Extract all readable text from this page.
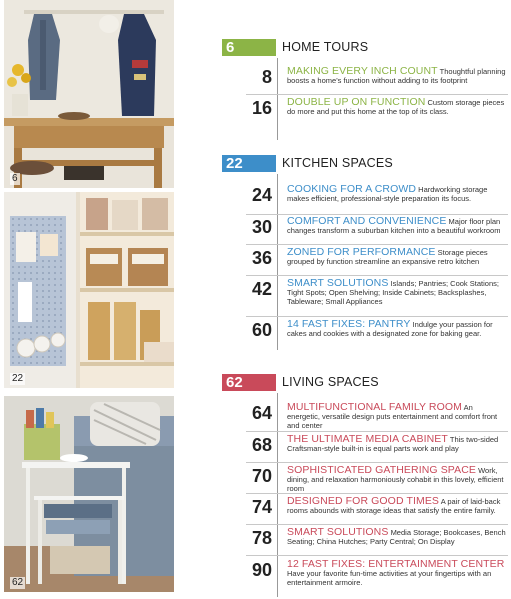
6
22
62
6	HOME TOURS
8 MAKING EVERY INCH COUNT Thoughtful planning boosts a home's function without adding to its footprint
16 DOUBLE UP ON FUNCTION Custom storage pieces do more and put this home at the top of its class.
22	KITCHEN SPACES
24 COOKING FOR A CROWD Hardworking storage makes efficient, professional-style preparation its focus.
30 COMFORT AND CONVENIENCE Major floor plan changes transform a suburban kitchen into a beautiful workroom
36 ZONED FOR PERFORMANCE Storage pieces grouped by function streamline an expansive retro kitchen
42 SMART SOLUTIONS Islands; Pantries; Cook Stations; Tight Spots; Open Shelving; Inside Cabinets; Backsplashes, Tableware; Small Appliances
60 14 FAST FIXES: PANTRY Indulge your passion for cakes and cookies with a designated zone for baking gear.
62	LIVING SPACES
64 MULTIFUNCTIONAL FAMILY ROOM An energetic, versatile design puts entertainment and comfort front and center
68 THE ULTIMATE MEDIA CABINET This two-sided Craftsman-style built-in is equal parts work and play
70 SOPHISTICATED GATHERING SPACE Work, dining, and relaxation harmoniously cohabit in this lovely, efficient room
74 DESIGNED FOR GOOD TIMES A pair of laid-back rooms abounds with storage ideas that satisfy the entire family.
78 SMART SOLUTIONS Media Storage; Bookcases, Bench Seating; China Hutches; Party Central; On Display
90 12 FAST FIXES: ENTERTAINMENT CENTER Have your favorite fun-time activities at your fingertips with an entertainment armoire.
